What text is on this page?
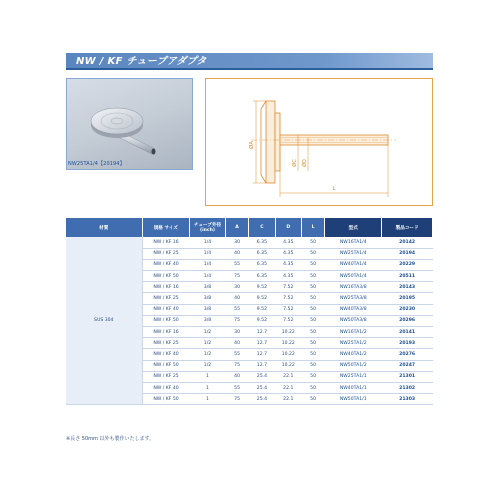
NW / KF チューブアダプタ
NW25TA1/4【20194】
ØA
ØC ØD
L
材質	規格 サイズ	チューブ外径
(inch)	A	C	D	L	型式	製品コード
SUS 304	NW / KF 16	1/4	30	6.35	4.35	50	NW16TA1/4	20142
	NW / KF 25	1/4	40	6.35	4.35	50	NW25TA1/4	20194
	NW / KF 40	1/4	55	6.35	4.35	50	NW40TA1/4	20229
	NW / KF 50	1/4	75	6.35	4.35	50	NW50TA1/4	20511
	NW / KF 16	3/8	30	9.52	7.52	50	NW16TA3/8	20143
	NW / KF 25	3/8	40	9.52	7.52	50	NW25TA3/8	20195
	NW / KF 40	3/8	55	9.52	7.52	50	NW40TA3/8	20230
	NW / KF 50	3/8	75	9.52	7.52	50	NW50TA3/8	20296
	NW / KF 16	1/2	30	12.7	10.22	50	NW16TA1/2	20141
	NW / KF 25	1/2	40	12.7	10.22	50	NW25TA1/2	20193
	NW / KF 40	1/2	55	12.7	10.22	50	NW40TA1/2	20276
	NW / KF 50	1/2	75	12.7	10.22	50	NW50TA1/2	20247
	NW / KF 25	1	40	25.4	22.1	50	NW25TA1/1	21301
	NW / KF 40	1	55	25.4	22.1	50	NW40TA1/1	21302
	NW / KF 50	1	75	25.4	22.1	50	NW50TA1/1	21303
※長さ 50mm 以外も製作いたします。
